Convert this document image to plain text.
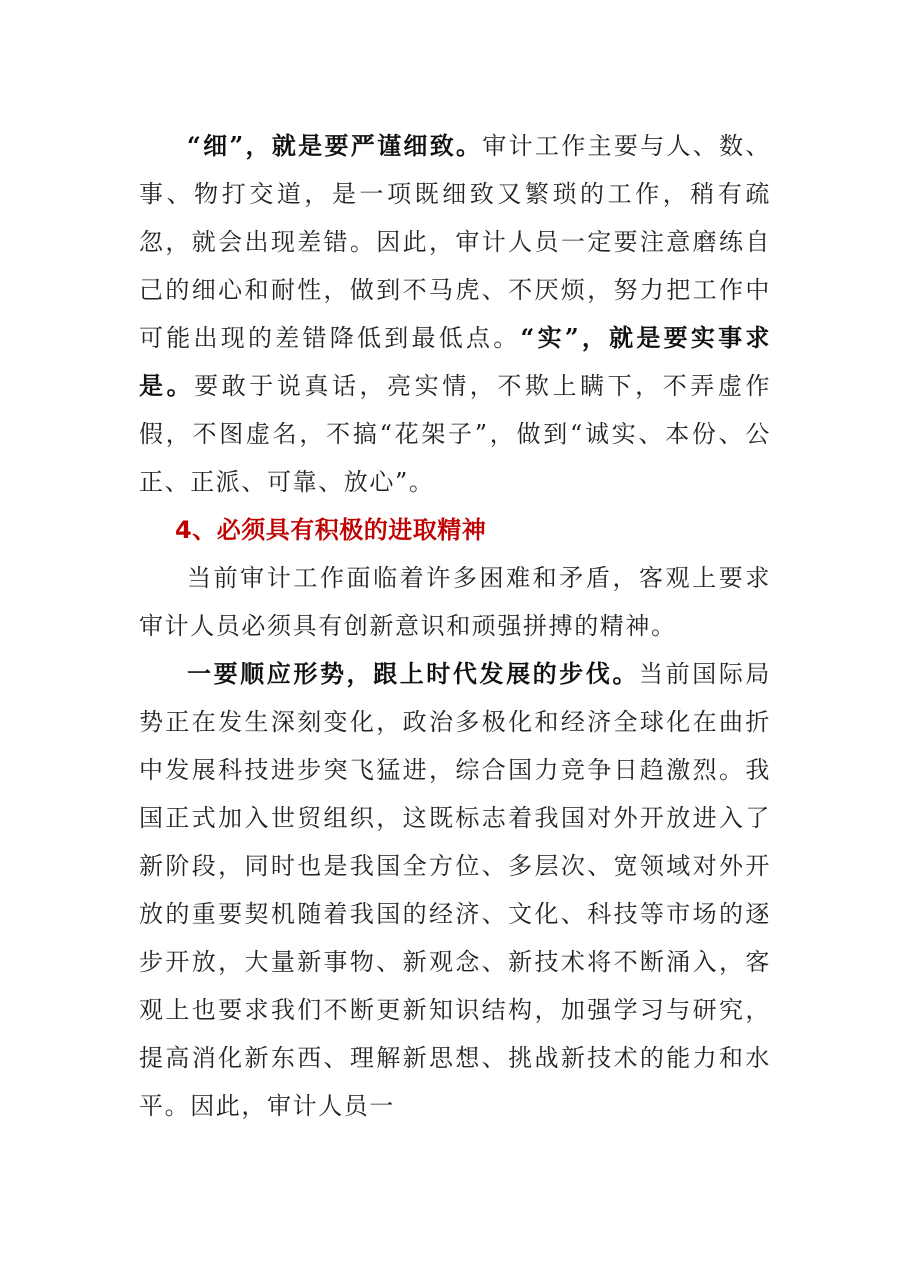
“细”，就是要严谨细致。审计工作主要与人、数、事、物打交道，是一项既细致又繁琐的工作，稍有疏忽，就会出现差错。因此，审计人员一定要注意磨练自己的细心和耐性，做到不马虎、不厌烦，努力把工作中可能出现的差错降低到最低点。“实”，就是要实事求是。要敢于说真话，亮实情，不欺上瞒下，不弄虚作假，不图虚名，不搞“花架子”，做到“诚实、本份、公正、正派、可靠、放心”。

4、必须具有积极的进取精神

当前审计工作面临着许多困难和矛盾，客观上要求审计人员必须具有创新意识和顽强拼搏的精神。

一要顺应形势，跟上时代发展的步伐。当前国际局势正在发生深刻变化，政治多极化和经济全球化在曲折中发展科技进步突飞猛进，综合国力竞争日趋激烈。我国正式加入世贸组织，这既标志着我国对外开放进入了新阶段，同时也是我国全方位、多层次、宽领域对外开放的重要契机随着我国的经济、文化、科技等市场的逐步开放，大量新事物、新观念、新技术将不断涌入，客观上也要求我们不断更新知识结构，加强学习与研究，提高消化新东西、理解新思想、挑战新技术的能力和水平。因此，审计人员一
